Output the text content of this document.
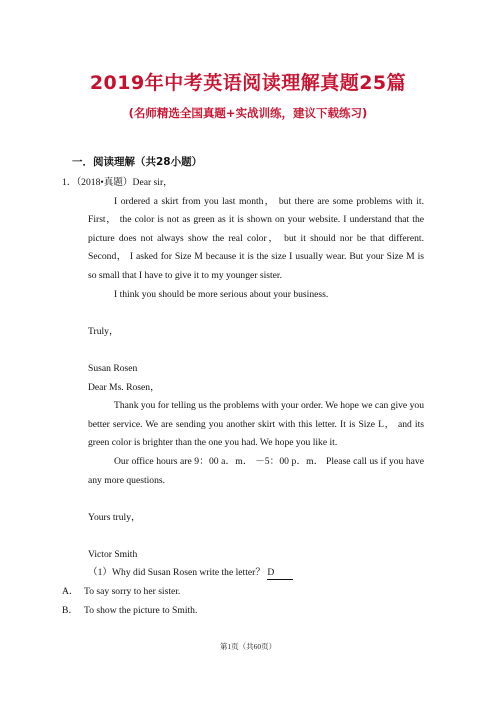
2019年中考英语阅读理解真题25篇
(名师精选全国真题+实战训练，建议下载练习)
一．阅读理解（共28小题）

1．（2018•真题）Dear sir，

I ordered a skirt from you last month， but there are some problems with it. First， the color is not as green as it is shown on your website. I understand that the picture does not always show the real color， but it should nor be that different. Second， I asked for Size M because it is the size I usually wear. But your Size M is so small that I have to give it to my younger sister.

I think you should be more serious about your business.

Truly，

Susan Rosen

Dear Ms. Rosen，

Thank you for telling us the problems with your order. We hope we can give you better service. We are sending you another skirt with this letter. It is Size L， and its green color is brighter than the one you had. We hope you like it.

Our office hours are 9：00 a．m． －5：00 p．m． Please call us if you have any more questions.

Yours truly，

Victor Smith

（1）Why did Susan Rosen write the letter？ D

A． To say sorry to her sister.

B． To show the picture to Smith.

第1页（共60页）
